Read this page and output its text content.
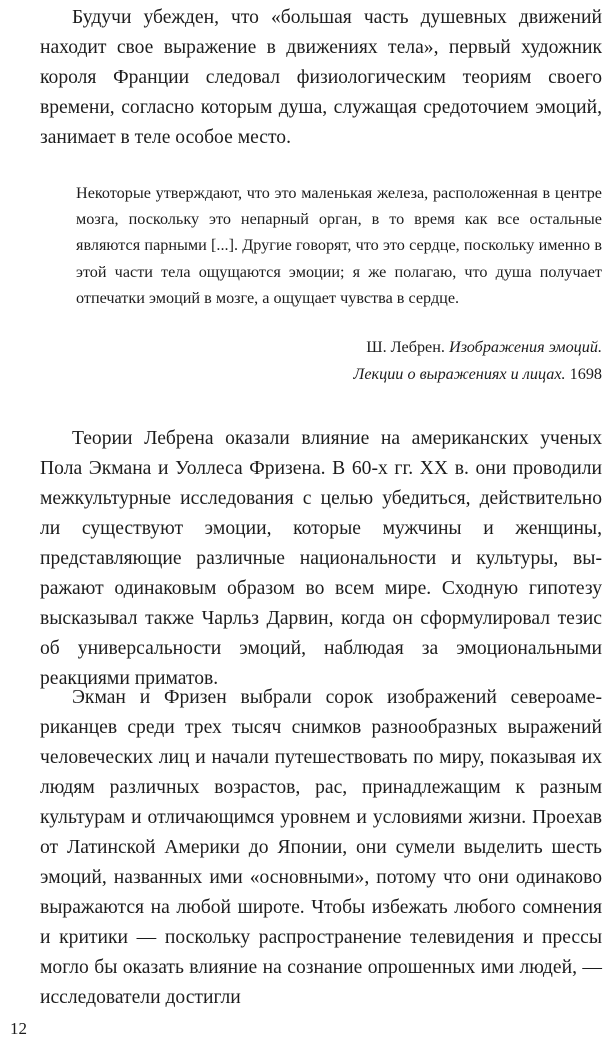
Будучи убежден, что «большая часть душевных движений находит свое выражение в движениях тела», первый художник короля Франции следовал физиологическим теориям своего времени, согласно которым душа, служащая средоточием эмоций, занимает в теле особое место.

Некоторые утверждают, что это маленькая железа, расположенная в центре мозга, поскольку это непарный орган, в то время как все остальные являются парными [...]. Другие говорят, что это сердце, поскольку именно в этой части тела ощущаются эмоции; я же полагаю, что душа получает отпечатки эмоций в мозге, а ощущает чувства в сердце.

Ш. Лебрен. Изображения эмоций.
Лекции о выражениях и лицах. 1698

Теории Лебрена оказали влияние на американских ученых Пола Экмана и Уоллеса Фризена. В 60-х гг. XX в. они проводили межкультурные исследования с целью убедиться, действительно ли существуют эмоции, которые мужчины и женщины, представляющие различные национальности и культуры, выражают одинаковым образом во всем мире. Сходную гипотезу высказывал также Чарльз Дарвин, когда он сформулировал тезис об универсальности эмоций, наблюдая за эмоциональными реакциями приматов.

Экман и Фризен выбрали сорок изображений североамериканцев среди трех тысяч снимков разнообразных выражений человеческих лиц и начали путешествовать по миру, показывая их людям различных возрастов, рас, принадлежащим к разным культурам и отличающимся уровнем и условиями жизни. Проехав от Латинской Америки до Японии, они сумели выделить шесть эмоций, названных ими «основными», потому что они одинаково выражаются на любой широте. Чтобы избежать любого сомнения и критики — поскольку распространение телевидения и прессы могло бы оказать влияние на сознание опрошенных ими людей, — исследователи достигли

12
